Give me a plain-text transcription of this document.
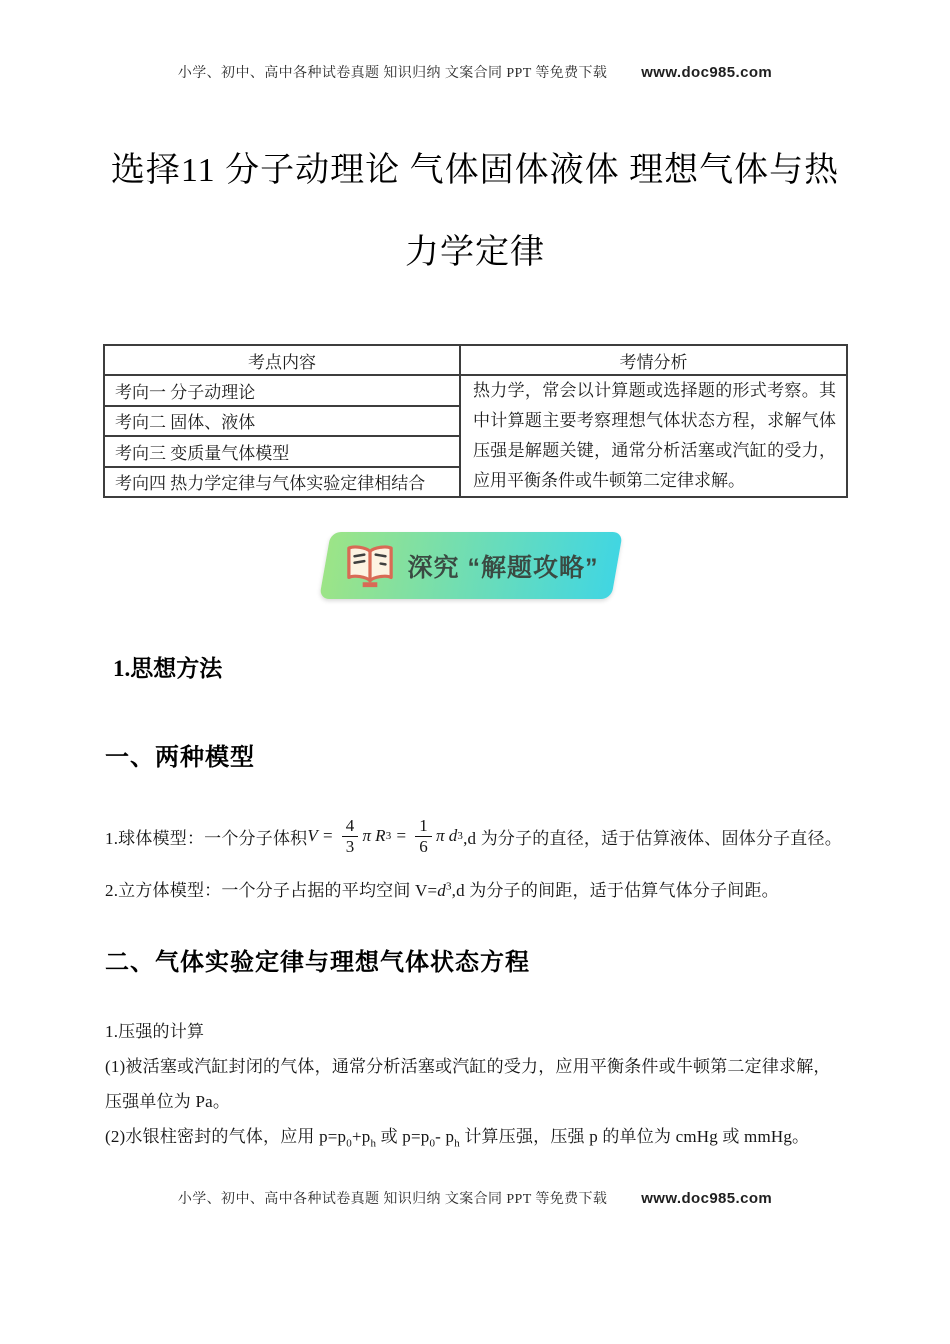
小学、初中、高中各种试卷真题 知识归纳 文案合同 PPT 等免费下载 www.doc985.com
选择11 分子动理论 气体固体液体 理想气体与热
力学定律
考点内容	考情分析
考向一 分子动理论	热力学，常会以计算题或选择题的形式考察。其中计算题主要考察理想气体状态方程，求解气体压强是解题关键，通常分析活塞或汽缸的受力，应用平衡条件或牛顿第二定律求解。
考向二 固体、液体	
考向三 变质量气体模型	
考向四 热力学定律与气体实验定律相结合	
深究 “解题攻略”
1.思想方法
一、两种模型
1.球体模型：一个分子体积 $V = \frac{4}{3}$ π R $3 = \frac{1}{6}$ π d 3 ,d 为分子的直径，适于估算液体、固体分子直径。
2.立方体模型：一个分子占据的平均空间 $V=d^3,d$ 为分子的间距，适于估算气体分子间距。
二、气体实验定律与理想气体状态方程
1.压强的计算
(1)被活塞或汽缸封闭的气体，通常分析活塞或汽缸的受力，应用平衡条件或牛顿第二定律求解，
压强单位为 Pa。
(2)水银柱密封的气体，应用 $p=p_0+p_h$ 或 $p=p_0-$ $p_h$ 计算压强，压强 p 的单位为 cmHg 或 mmHg。
小学、初中、高中各种试卷真题 知识归纳 文案合同 PPT 等免费下载 www.doc985.com
